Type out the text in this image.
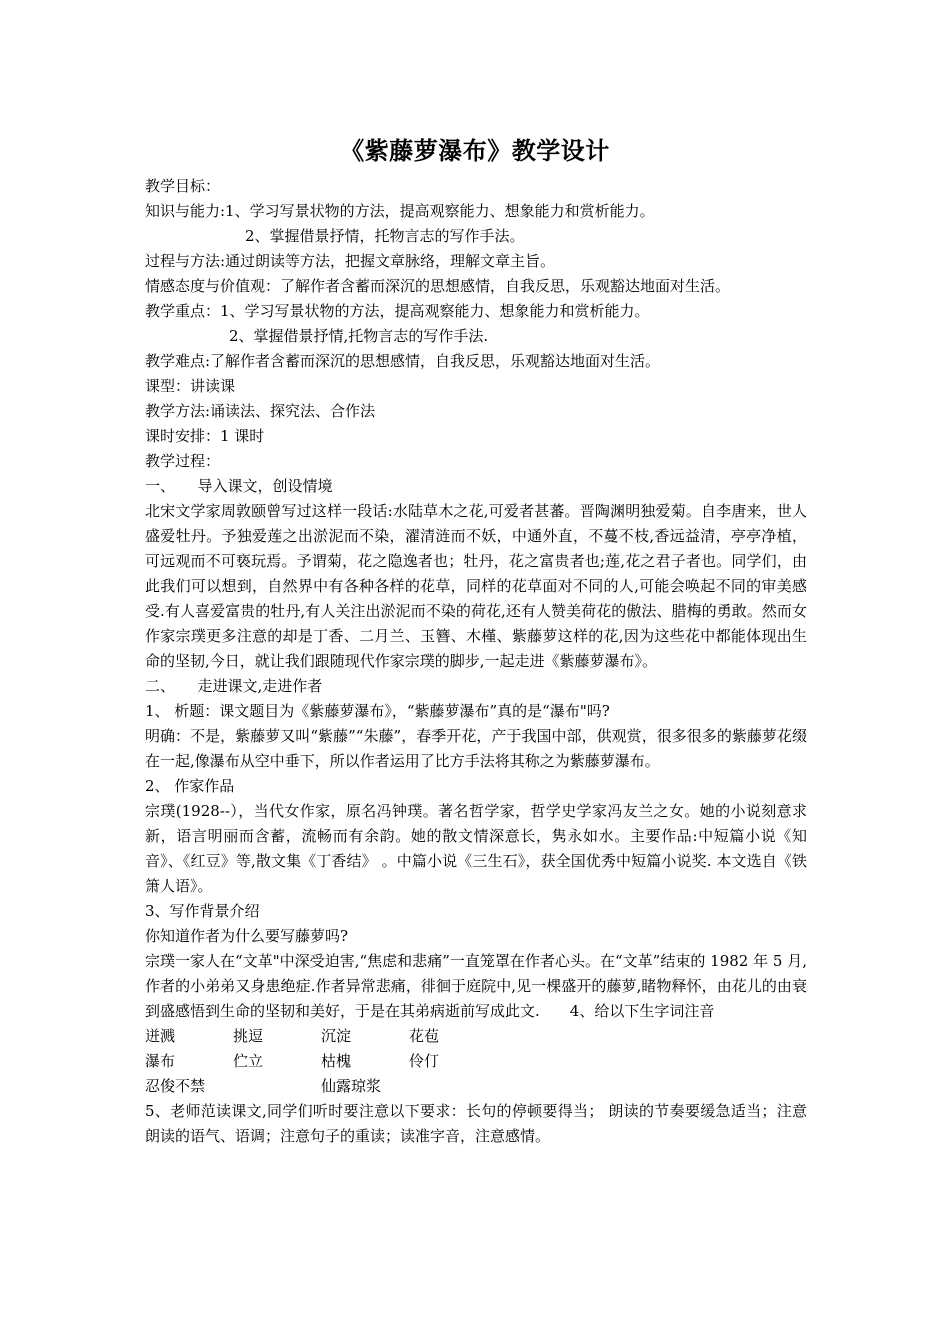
《紫藤萝瀑布》教学设计
教学目标：
知识与能力:1、学习写景状物的方法，提高观察能力、想象能力和赏析能力。
2、掌握借景抒情，托物言志的写作手法。
过程与方法:通过朗读等方法，把握文章脉络，理解文章主旨。
情感态度与价值观：了解作者含蓄而深沉的思想感情，自我反思，乐观豁达地面对生活。
教学重点：1、学习写景状物的方法，提高观察能力、想象能力和赏析能力。
2、掌握借景抒情,托物言志的写作手法.
教学难点:了解作者含蓄而深沉的思想感情，自我反思，乐观豁达地面对生活。
课型：讲读课
教学方法:诵读法、探究法、合作法
课时安排：1 课时
教学过程：
一、　　导入课文，创设情境
北宋文学家周敦颐曾写过这样一段话:水陆草木之花,可爱者甚蕃。晋陶渊明独爱菊。自李唐来，世人盛爱牡丹。予独爱莲之出淤泥而不染，濯清涟而不妖，中通外直，不蔓不枝,香远益清，亭亭净植，可远观而不可亵玩焉。予谓菊，花之隐逸者也；牡丹，花之富贵者也;莲,花之君子者也。同学们，由此我们可以想到，自然界中有各种各样的花草，同样的花草面对不同的人,可能会唤起不同的审美感受.有人喜爱富贵的牡丹,有人关注出淤泥而不染的荷花,还有人赞美荷花的傲法、腊梅的勇敢。然而女作家宗璞更多注意的却是丁香、二月兰、玉簪、木槿、紫藤萝这样的花,因为这些花中都能体现出生命的坚韧,今日，就让我们跟随现代作家宗璞的脚步,一起走进《紫藤萝瀑布》。
二、　　走进课文,走进作者
1、 析题：课文题目为《紫藤萝瀑布》，“紫藤萝瀑布”真的是“瀑布"吗?
明确：不是，紫藤萝又叫“紫藤”“朱藤”，春季开花，产于我国中部，供观赏，很多很多的紫藤萝花缀在一起,像瀑布从空中垂下，所以作者运用了比方手法将其称之为紫藤萝瀑布。
2、 作家作品
宗璞(1928--），当代女作家，原名冯钟璞。著名哲学家，哲学史学家冯友兰之女。她的小说刻意求新，语言明丽而含蓄，流畅而有余韵。她的散文情深意长，隽永如水。主要作品:中短篇小说《知音》、《红豆》等,散文集《丁香结》 。中篇小说《三生石》，获全国优秀中短篇小说奖. 本文选自《铁箫人语》。
3、写作背景介绍
你知道作者为什么要写藤萝吗?
宗璞一家人在“文革"中深受迫害,“焦虑和悲痛”一直笼罩在作者心头。在“文革”结束的 1982 年 5 月,作者的小弟弟又身患绝症.作者异常悲痛，徘徊于庭院中,见一棵盛开的藤萝,睹物释怀，由花儿的由衰到盛感悟到生命的坚韧和美好，于是在其弟病逝前写成此文.　　4、给以下生字词注音
迸溅	挑逗	沉淀	花苞
瀑布	伫立	枯槐	伶仃
忍俊不禁	仙露琼浆
5、老师范读课文,同学们听时要注意以下要求：长句的停顿要得当； 朗读的节奏要缓急适当；注意朗读的语气、语调；注意句子的重读；读准字音，注意感情。
